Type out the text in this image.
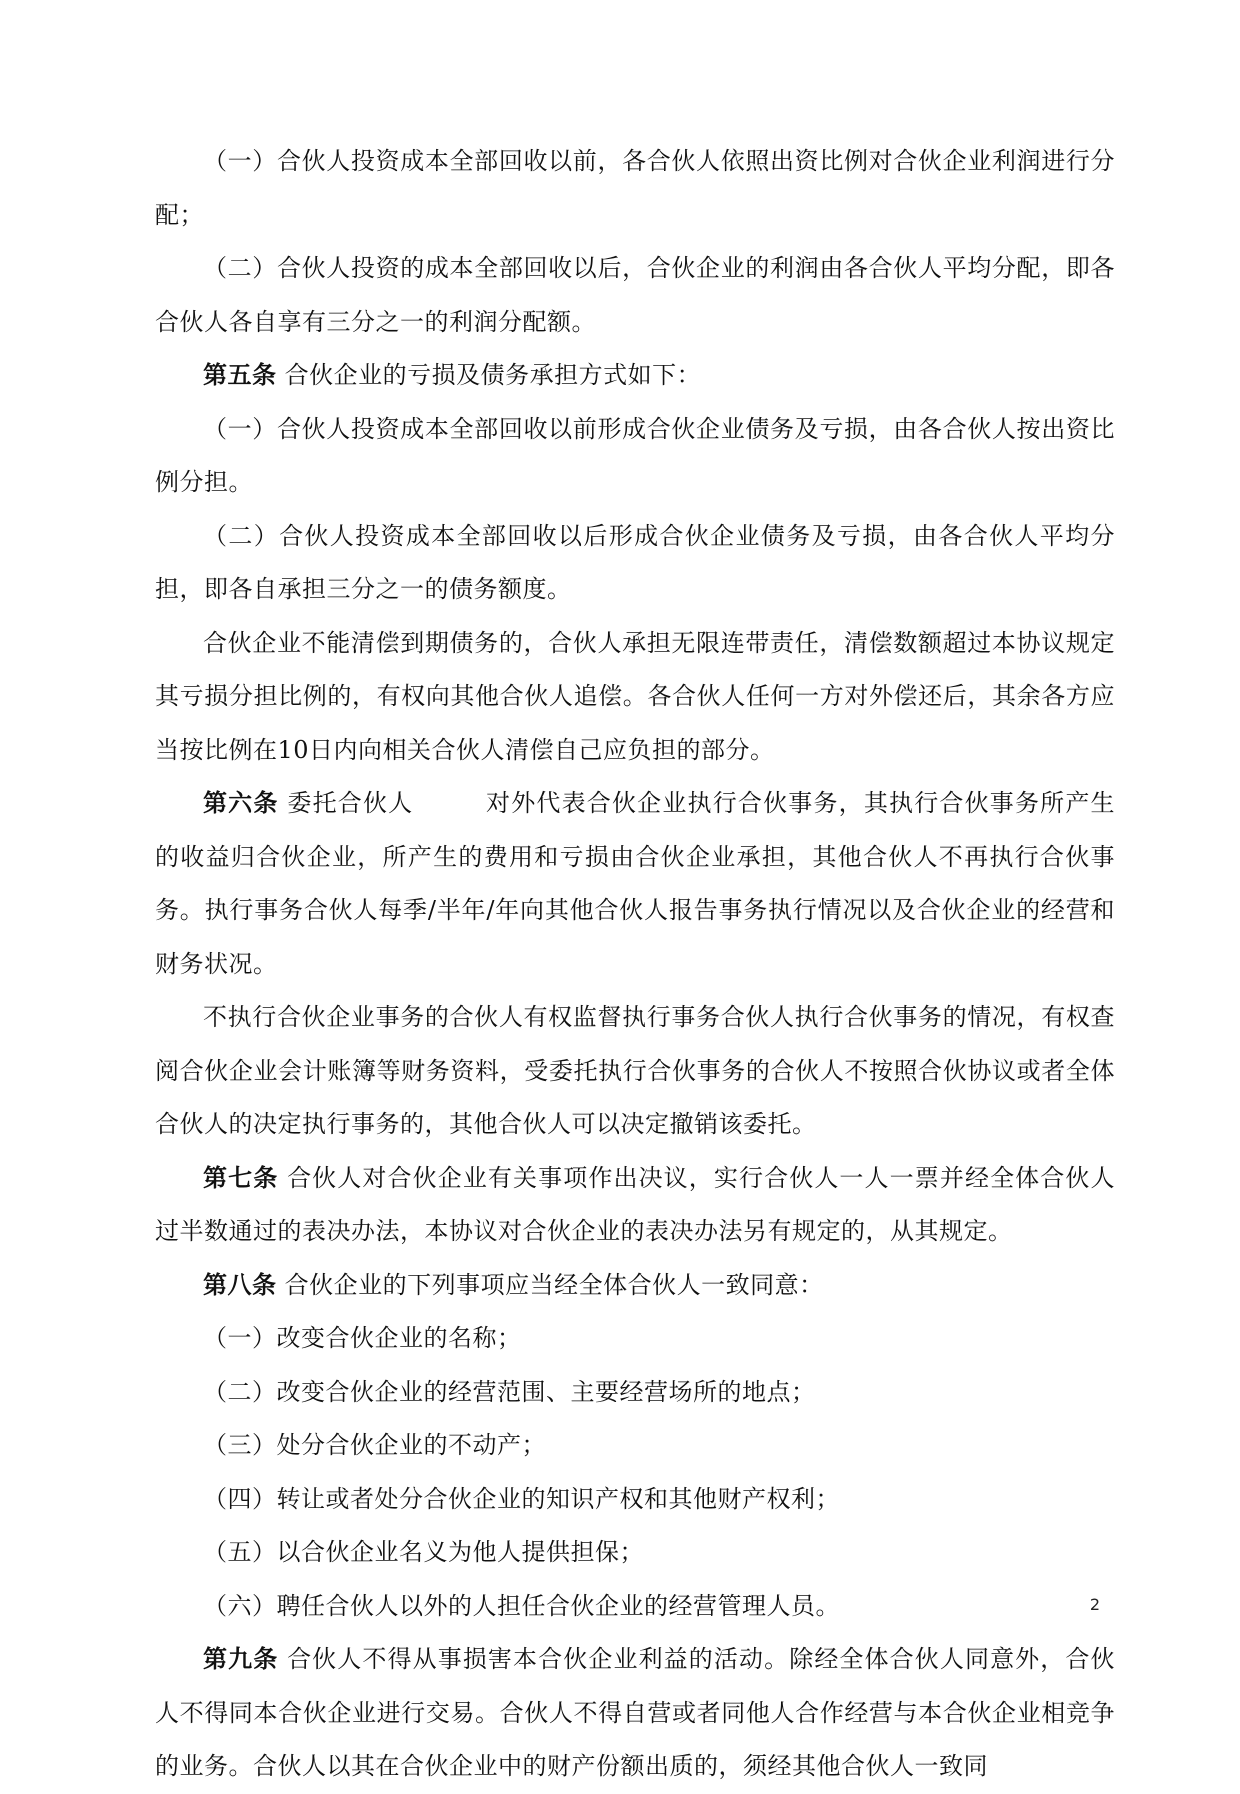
（一）合伙人投资成本全部回收以前，各合伙人依照出资比例对合伙企业利润进行分配；

（二）合伙人投资的成本全部回收以后，合伙企业的利润由各合伙人平均分配，即各合伙人各自享有三分之一的利润分配额。

第五条 合伙企业的亏损及债务承担方式如下：

（一）合伙人投资成本全部回收以前形成合伙企业债务及亏损，由各合伙人按出资比例分担。

（二）合伙人投资成本全部回收以后形成合伙企业债务及亏损，由各合伙人平均分担，即各自承担三分之一的债务额度。

合伙企业不能清偿到期债务的，合伙人承担无限连带责任，清偿数额超过本协议规定其亏损分担比例的，有权向其他合伙人追偿。各合伙人任何一方对外偿还后，其余各方应当按比例在10日内向相关合伙人清偿自己应负担的部分。

第六条 委托合伙人	对外代表合伙企业执行合伙事务，其执行合伙事务所产生的收益归合伙企业，所产生的费用和亏损由合伙企业承担，其他合伙人不再执行合伙事务。执行事务合伙人每季/半年/年向其他合伙人报告事务执行情况以及合伙企业的经营和财务状况。

不执行合伙企业事务的合伙人有权监督执行事务合伙人执行合伙事务的情况，有权查阅合伙企业会计账簿等财务资料，受委托执行合伙事务的合伙人不按照合伙协议或者全体合伙人的决定执行事务的，其他合伙人可以决定撤销该委托。

第七条 合伙人对合伙企业有关事项作出决议，实行合伙人一人一票并经全体合伙人过半数通过的表决办法，本协议对合伙企业的表决办法另有规定的，从其规定。

第八条 合伙企业的下列事项应当经全体合伙人一致同意：

（一）改变合伙企业的名称；

（二）改变合伙企业的经营范围、主要经营场所的地点；

（三）处分合伙企业的不动产；

（四）转让或者处分合伙企业的知识产权和其他财产权利；

（五）以合伙企业名义为他人提供担保；

（六）聘任合伙人以外的人担任合伙企业的经营管理人员。

第九条 合伙人不得从事损害本合伙企业利益的活动。除经全体合伙人同意外，合伙人不得同本合伙企业进行交易。合伙人不得自营或者同他人合作经营与本合伙企业相竞争的业务。合伙人以其在合伙企业中的财产份额出质的，须经其他合伙人一致同

2
